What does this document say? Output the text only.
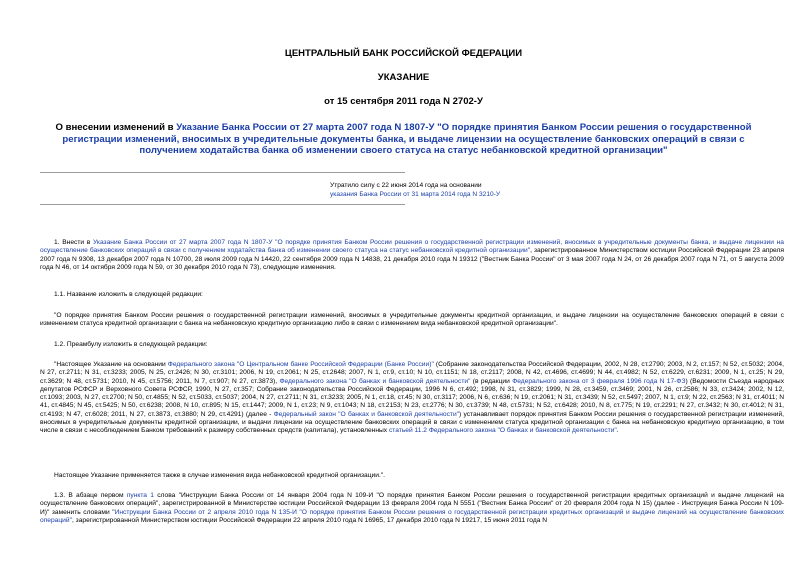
ЦЕНТРАЛЬНЫЙ БАНК РОССИЙСКОЙ ФЕДЕРАЦИИ
УКАЗАНИЕ
от 15 сентября 2011 года N 2702-У
О внесении изменений в Указание Банка России от 27 марта 2007 года N 1807-У "О порядке принятия Банком России решения о государственной регистрации изменений, вносимых в учредительные документы банка, и выдаче лицензии на осуществление банковских операций в связи с получением ходатайства банка об изменении своего статуса на статус небанковской кредитной организации"
Утратило силу с 22 июня 2014 года на основании
указания Банка России от 31 марта 2014 года N 3210-У
1. Внести в Указание Банка России от 27 марта 2007 года N 1807-У "О порядке принятия Банком России решения о государственной регистрации изменений, вносимых в учредительные документы банка, и выдаче лицензии на осуществление банковских операций в связи с получением ходатайства банка об изменении своего статуса на статус небанковской кредитной организации", зарегистрированное Министерством юстиции Российской Федерации 23 апреля 2007 года N 9308, 13 декабря 2007 года N 10700, 28 июля 2009 года N 14420, 22 сентября 2009 года N 14838, 21 декабря 2010 года N 19312 ("Вестник Банка России" от 3 мая 2007 года N 24, от 26 декабря 2007 года N 71, от 5 августа 2009 года N 46, от 14 октября 2009 года N 59, от 30 декабря 2010 года N 73), следующие изменения.
1.1. Название изложить в следующей редакции:
"О порядке принятия Банком России решения о государственной регистрации изменений, вносимых в учредительные документы кредитной организации, и выдаче лицензии на осуществление банковских операций в связи с изменением статуса кредитной организации с банка на небанковскую кредитную организацию либо в связи с изменением вида небанковской кредитной организации".
1.2. Преамбулу изложить в следующей редакции:
"Настоящее Указание на основании Федерального закона "О Центральном банке Российской Федерации (Банке России)" (Собрание законодательства Российской Федерации, 2002, N 28, ст.2790; 2003, N 2, ст.157; N 52, ст.5032; 2004, N 27, ст.2711; N 31, ст.3233; 2005, N 25, ст.2426; N 30, ст.3101; 2006, N 19, ст.2061; N 25, ст.2648; 2007, N 1, ст.9, ст.10; N 10, ст.1151; N 18, ст.2117; 2008, N 42, ст.4696, ст.4699; N 44, ст.4982; N 52, ст.6229, ст.6231; 2009, N 1, ст.25; N 29, ст.3629; N 48, ст.5731; 2010, N 45, ст.5756; 2011, N 7, ст.907; N 27, ст.3873), Федерального закона "О банках и банковской деятельности" (в редакции Федерального закона от 3 февраля 1996 года N 17-ФЗ) (Ведомости Съезда народных депутатов РСФСР и Верховного Совета РСФСР, 1990, N 27, ст.357; Собрание законодательства Российской Федерации, 1996 N 6, ст.492; 1998, N 31, ст.3829; 1999, N 28, ст.3459, ст.3469; 2001, N 26, ст.2586; N 33, ст.3424; 2002, N 12, ст.1093; 2003, N 27, ст.2700; N 50, ст.4855; N 52, ст.5033, ст.5037; 2004, N 27, ст.2711; N 31, ст.3233; 2005, N 1, ст.18, ст.45; N 30, ст.3117; 2006, N 6, ст.636; N 19, ст.2061; N 31, ст.3439; N 52, ст.5497; 2007, N 1, ст.9; N 22, ст.2563; N 31, ст.4011; N 41, ст.4845; N 45, ст.5425; N 50, ст.6238; 2008, N 10, ст.895; N 15, ст.1447; 2009, N 1, ст.23; N 9, ст.1043; N 18, ст.2153; N 23, ст.2776; N 30, ст.3739; N 48, ст.5731; N 52, ст.6428; 2010, N 8, ст.775; N 19, ст.2291; N 27, ст.3432; N 30, ст.4012; N 31, ст.4193; N 47, ст.6028; 2011, N 27, ст.3873, ст.3880; N 29, ст.4291) (далее - Федеральный закон "О банках и банковской деятельности") устанавливает порядок принятия Банком России решения о государственной регистрации изменений, вносимых в учредительные документы кредитной организации, и выдачи лицензии на осуществление банковских операций в связи с изменением статуса кредитной организации с банка на небанковскую кредитную организацию, в том числе в связи с несоблюдением Банком требований к размеру собственных средств (капитала), установленных статьей 11.2 Федерального закона "О банках и банковской деятельности".
Настоящее Указание применяется также в случае изменения вида небанковской кредитной организации.".
1.3. В абзаце первом пункта 1 слова "Инструкции Банка России от 14 января 2004 года N 109-И "О порядке принятия Банком России решения о государственной регистрации кредитных организаций и выдаче лицензий на осуществление банковских операций", зарегистрированной в Министерстве юстиции Российской Федерации 13 февраля 2004 года N 5551 ("Вестник Банка России" от 20 февраля 2004 года N 15) (далее - Инструкция Банка России N 109-И)" заменить словами "Инструкции Банка России от 2 апреля 2010 года N 135-И "О порядке принятия Банком России решения о государственной регистрации кредитных организаций и выдаче лицензий на осуществление банковских операций", зарегистрированной Министерством юстиции Российской Федерации 22 апреля 2010 года N 16965, 17 декабря 2010 года N 19217, 15 июня 2011 года N
